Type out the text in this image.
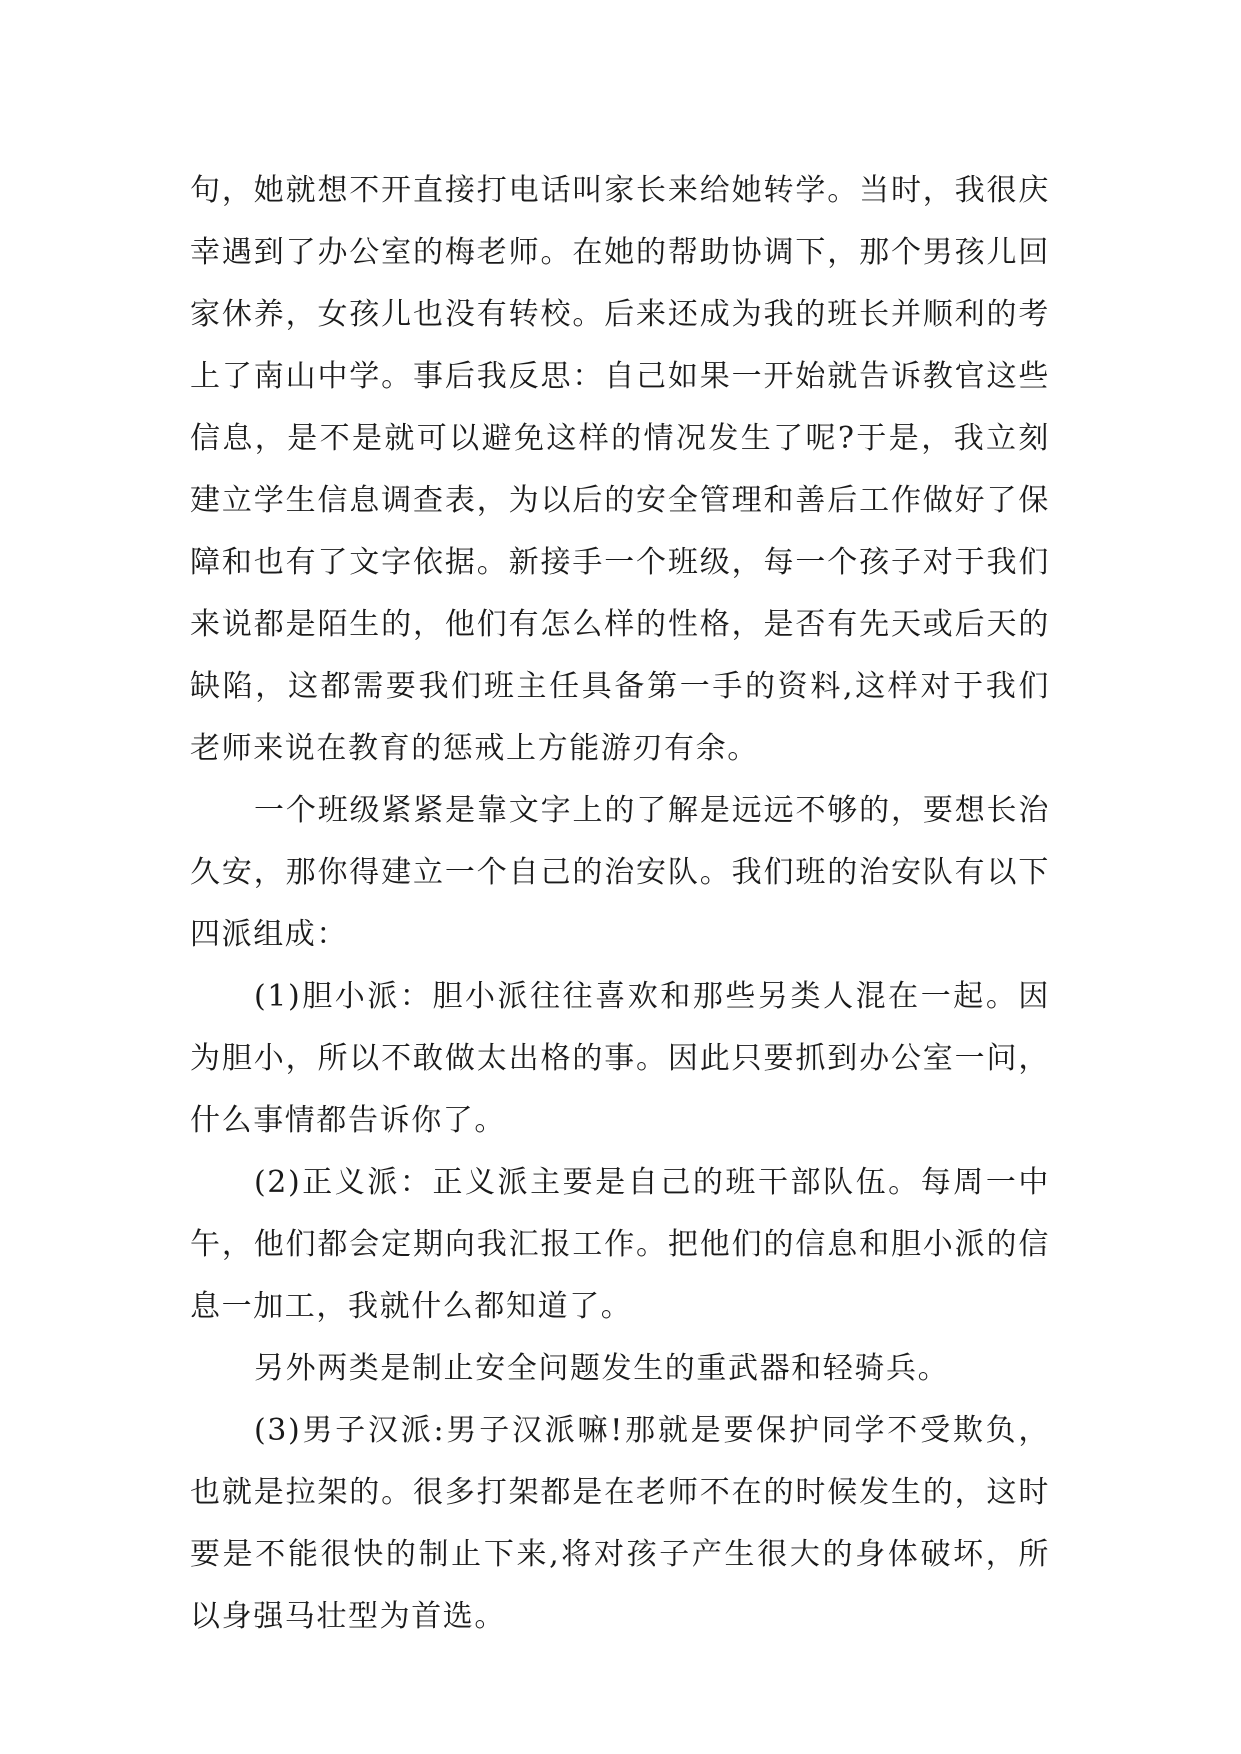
句，她就想不开直接打电话叫家长来给她转学。当时，我很庆幸遇到了办公室的梅老师。在她的帮助协调下，那个男孩儿回家休养，女孩儿也没有转校。后来还成为我的班长并顺利的考上了南山中学。事后我反思：自己如果一开始就告诉教官这些信息，是不是就可以避免这样的情况发生了呢?于是，我立刻建立学生信息调查表，为以后的安全管理和善后工作做好了保障和也有了文字依据。新接手一个班级，每一个孩子对于我们来说都是陌生的，他们有怎么样的性格，是否有先天或后天的缺陷，这都需要我们班主任具备第一手的资料,这样对于我们老师来说在教育的惩戒上方能游刃有余。

一个班级紧紧是靠文字上的了解是远远不够的，要想长治久安，那你得建立一个自己的治安队。我们班的治安队有以下四派组成：

(1)胆小派：胆小派往往喜欢和那些另类人混在一起。因为胆小，所以不敢做太出格的事。因此只要抓到办公室一问，什么事情都告诉你了。

(2)正义派：正义派主要是自己的班干部队伍。每周一中午，他们都会定期向我汇报工作。把他们的信息和胆小派的信息一加工，我就什么都知道了。

另外两类是制止安全问题发生的重武器和轻骑兵。

(3)男子汉派:男子汉派嘛!那就是要保护同学不受欺负，也就是拉架的。很多打架都是在老师不在的时候发生的，这时要是不能很快的制止下来,将对孩子产生很大的身体破坏，所以身强马壮型为首选。
